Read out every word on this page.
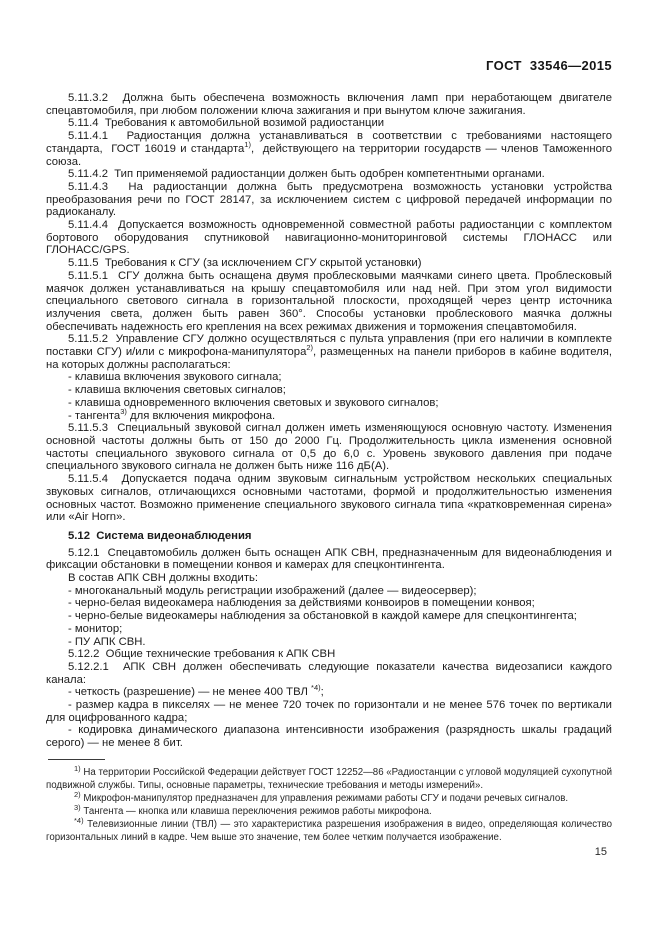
ГОСТ  33546—2015

5.11.3.2  Должна быть обеспечена возможность включения ламп при неработающем двигателе спецавтомобиля, при любом положении ключа зажигания и при вынутом ключе зажигания.

5.11.4  Требования к автомобильной возимой радиостанции

5.11.4.1  Радиостанция должна устанавливаться в соответствии с требованиями настоящего стандарта,  ГОСТ 16019 и стандарта$^{1)}$,  действующего на территории государств — членов Таможенного союза.

5.11.4.2  Тип применяемой радиостанции должен быть одобрен компетентными органами.

5.11.4.3  На радиостанции должна быть предусмотрена возможность установки устройства преобразования речи по ГОСТ 28147, за исключением систем с цифровой передачей информации по радиоканалу.

5.11.4.4  Допускается возможность одновременной совместной работы радиостанции с комплектом бортового оборудования спутниковой навигационно-мониторинговой системы ГЛОНАСС или ГЛОНАСС/GPS.

5.11.5  Требования к СГУ (за исключением СГУ скрытой установки)

5.11.5.1  СГУ должна быть оснащена двумя проблесковыми маячками синего цвета. Проблесковый маячок должен устанавливаться на крышу спецавтомобиля или над ней. При этом угол видимости специального светового сигнала в горизонтальной плоскости, проходящей через центр источника излучения света, должен быть равен 360°. Способы установки проблескового маячка должны обеспечивать надежность его крепления на всех режимах движения и торможения спецавтомобиля.

5.11.5.2  Управление СГУ должно осуществляться с пульта управления (при его наличии в комплекте поставки СГУ) и/или с микрофона-манипулятора$^{2)}$, размещенных на панели приборов в кабине водителя, на которых должны располагаться:

- клавиша включения звукового сигнала;

- клавиша включения световых сигналов;

- клавиша одновременного включения световых и звукового сигналов;

- тангента$^{3)}$ для включения микрофона.

5.11.5.3  Специальный звуковой сигнал должен иметь изменяющуюся основную частоту. Изменения основной частоты должны быть от 150 до 2000 Гц. Продолжительность цикла изменения основной частоты специального звукового сигнала от 0,5 до 6,0 с. Уровень звукового давления при подаче специального звукового сигнала не должен быть ниже 116 дБ(А).

5.11.5.4  Допускается подача одним звуковым сигнальным устройством нескольких специальных звуковых сигналов, отличающихся основными частотами, формой и продолжительностью изменения основных частот. Возможно применение специального звукового сигнала типа «кратковременная сирена» или «Air Horn».

5.12  Система видеонаблюдения

5.12.1  Спецавтомобиль должен быть оснащен АПК СВН, предназначенным для видеонаблюдения и фиксации обстановки в помещении конвоя и камерах для спецконтингента.

В состав АПК СВН должны входить:

- многоканальный модуль регистрации изображений (далее — видеосервер);

- черно-белая видеокамера наблюдения за действиями конвоиров в помещении конвоя;

- черно-белые видеокамеры наблюдения за обстановкой в каждой камере для спецконтингента;

- монитор;

- ПУ АПК СВН.

5.12.2  Общие технические требования к АПК СВН

5.12.2.1  АПК СВН должен обеспечивать следующие показатели качества видеозаписи каждого канала:

- четкость (разрешение) — не менее 400 ТВЛ $^{*4)}$;

- размер кадра в пикселях — не менее 720 точек по горизонтали и не менее 576 точек по вертикали для оцифрованного кадра;

- кодировка динамического диапазона интенсивности изображения (разрядность шкалы градаций серого) — не менее 8 бит.

$^{1)}$ На территории Российской Федерации действует ГОСТ 12252—86 «Радиостанции с угловой модуляцией сухопутной подвижной службы. Типы, основные параметры, технические требования и методы измерений».

$^{2)}$ Микрофон-манипулятор предназначен для управления режимами работы СГУ и подачи речевых сигналов.

$^{3)}$ Тангента — кнопка или клавиша переключения режимов работы микрофона.

$^{*4)}$ Телевизионные линии (ТВЛ) — это характеристика разрешения изображения в видео, определяющая количество горизонтальных линий в кадре. Чем выше это значение, тем более четким получается изображение.

15
